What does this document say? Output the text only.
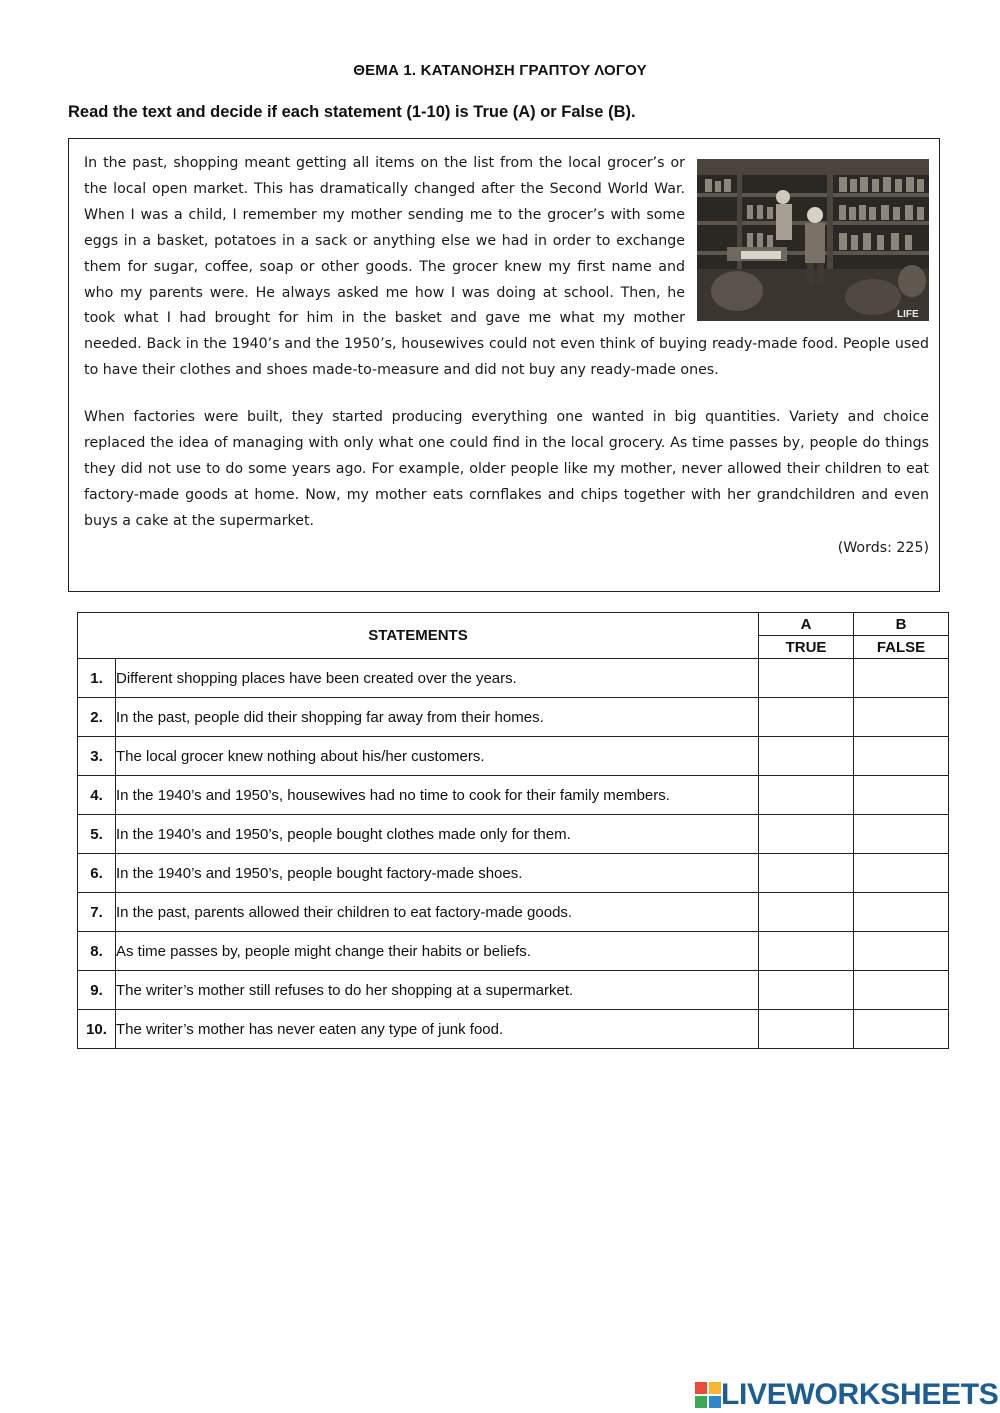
ΘΕΜΑ 1. ΚΑΤΑΝΟΗΣΗ ΓΡΑΠΤΟΥ ΛΟΓΟΥ
Read the text and decide if each statement (1-10) is True (A) or False (B).
LIFE

In the past, shopping meant getting all items on the list from the local grocer’s or the local open market. This has dramatically changed after the Second World War. When I was a child, I remember my mother sending me to the grocer’s with some eggs in a basket, potatoes in a sack or anything else we had in order to exchange them for sugar, coffee, soap or other goods. The grocer knew my first name and who my parents were. He always asked me how I was doing at school. Then, he took what I had brought for him in the basket and gave me what my mother needed. Back in the 1940’s and the 1950’s, housewives could not even think of buying ready-made food. People used to have their clothes and shoes made-to-measure and did not buy any ready-made ones.

When factories were built, they started producing everything one wanted in big quantities. Variety and choice replaced the idea of managing with only what one could find in the local grocery. As time passes by, people do things they did not use to do some years ago. For example, older people like my mother, never allowed their children to eat factory-made goods at home. Now, my mother eats cornflakes and chips together with her grandchildren and even buys a cake at the supermarket.

(Words: 225)
STATEMENTS		A	B
		TRUE	FALSE
1.	Different shopping places have been created over the years.		
2.	In the past, people did their shopping far away from their homes.		
3.	The local grocer knew nothing about his/her customers.		
4.	In the 1940’s and 1950’s, housewives had no time to cook for their family members.		
5.	In the 1940’s and 1950’s, people bought clothes made only for them.		
6.	In the 1940’s and 1950’s, people bought factory-made shoes.		
7.	In the past, parents allowed their children to eat factory-made goods.		
8.	As time passes by, people might change their habits or beliefs.		
9.	The writer’s mother still refuses to do her shopping at a supermarket.		
10.	The writer’s mother has never eaten any type of junk food.		
LIVEWORKSHEETS
